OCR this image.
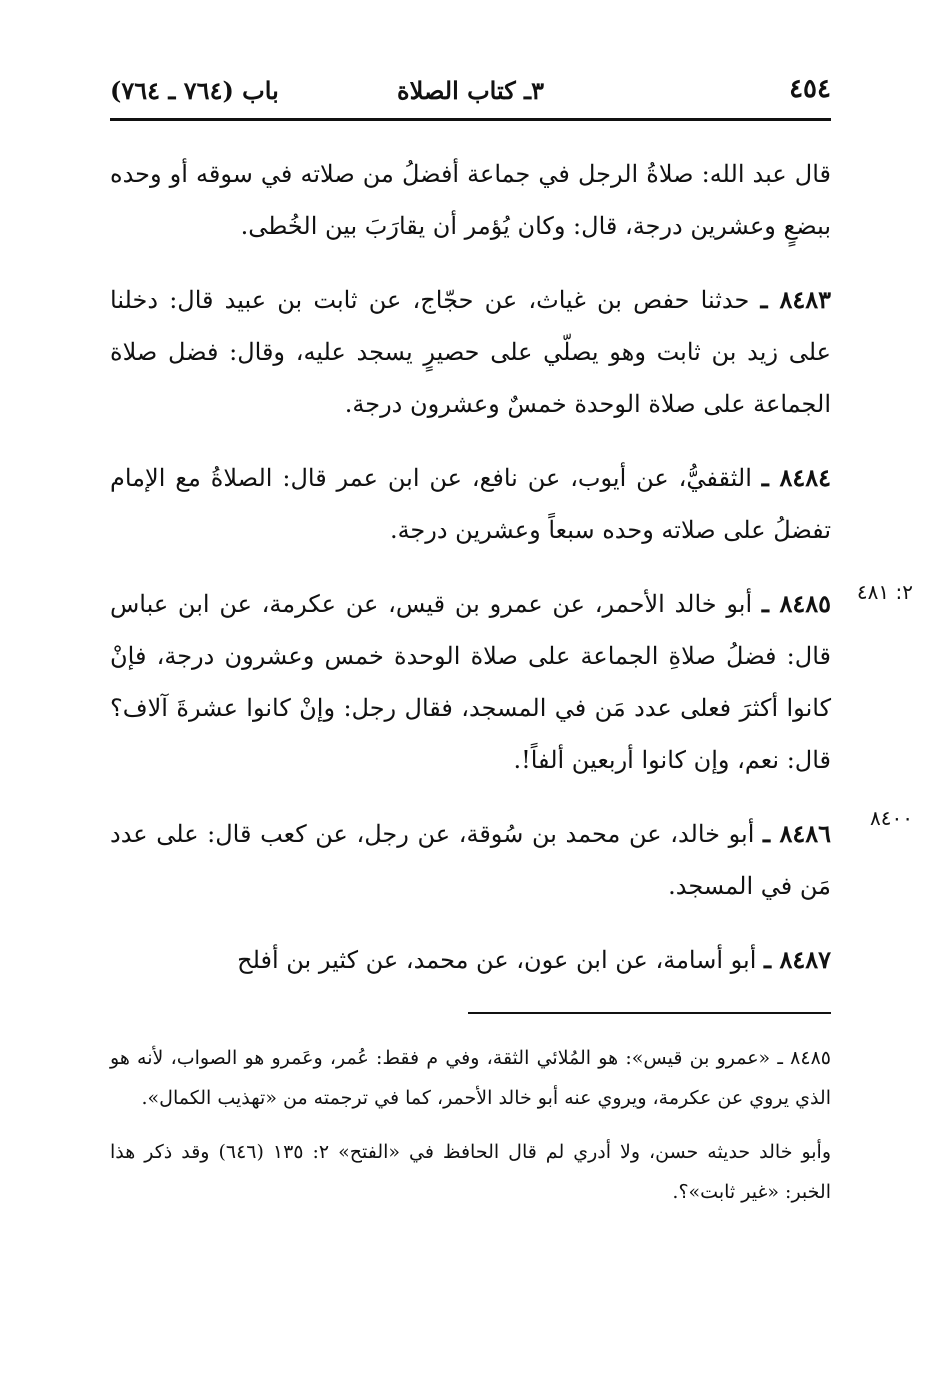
٤٥٤
٣ـ كتاب الصلاة
باب (٧٦٤ ـ ٧٦٤)
٢: ٤٨١
٨٤٠٠

قال عبد الله: صلاةُ الرجل في جماعة أفضلُ من صلاته في سوقه أو وحده ببضعٍ وعشرين درجة، قال: وكان يُؤمر أن يقارَبَ بين الخُطى.

٨٤٨٣ ـ حدثنا حفص بن غياث، عن حجّاج، عن ثابت بن عبيد قال: دخلنا على زيد بن ثابت وهو يصلّي على حصيرٍ يسجد عليه، وقال: فضل صلاة الجماعة على صلاة الوحدة خمسٌ وعشرون درجة.

٨٤٨٤ ـ الثقفيُّ، عن أيوب، عن نافع، عن ابن عمر قال: الصلاةُ مع الإمام تفضلُ على صلاته وحده سبعاً وعشرين درجة.

٨٤٨٥ ـ أبو خالد الأحمر، عن عمرو بن قيس، عن عكرمة، عن ابن عباس قال: فضلُ صلاةِ الجماعة على صلاة الوحدة خمس وعشرون درجة، فإنْ كانوا أكثرَ فعلى عدد مَن في المسجد، فقال رجل: وإنْ كانوا عشرةَ آلاف؟ قال: نعم، وإن كانوا أربعين ألفاً!.

٨٤٨٦ ـ أبو خالد، عن محمد بن سُوقة، عن رجل، عن كعب قال: على عدد مَن في المسجد.

٨٤٨٧ ـ أبو أسامة، عن ابن عون، عن محمد، عن كثير بن أفلح

٨٤٨٥ ـ «عمرو بن قيس»: هو المُلائي الثقة، وفي م فقط: عُمر، وعَمرو هو الصواب، لأنه هو الذي يروي عن عكرمة، ويروي عنه أبو خالد الأحمر، كما في ترجمته من «تهذيب الكمال».

وأبو خالد حديثه حسن، ولا أدري لم قال الحافظ في «الفتح» ٢: ١٣٥ (٦٤٦) وقد ذكر هذا الخبر: «غير ثابت»؟.
